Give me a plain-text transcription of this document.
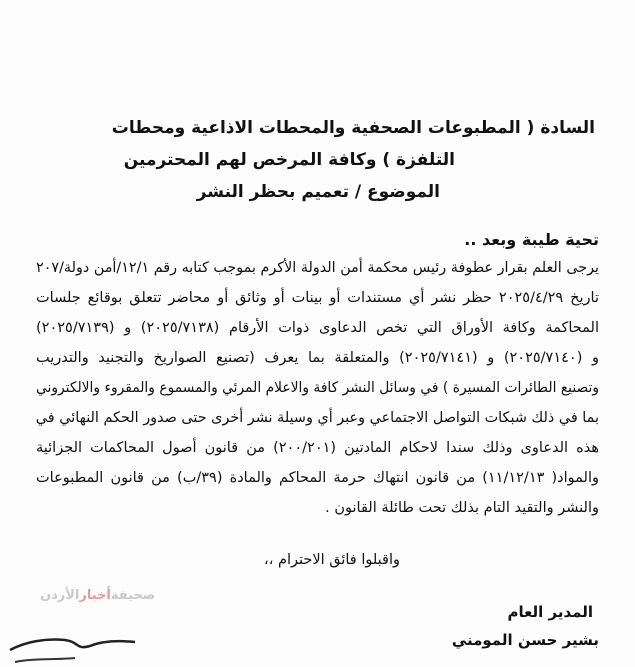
السادة ( المطبوعات الصحفية والمحطات الاذاعية ومحطات
التلفزة ) وكافة المرخص لهم المحترمين
الموضوع / تعميم بحظر النشر
تحية طيبة وبعد ..
يرجى العلم بقرار عطوفة رئيس محكمة أمن الدولة الأكرم بموجب كتابه رقم ١٢/١/أمن دولة/٢٠٧
تاريخ ٢٠٢٥/٤/٢٩ حظر نشر أي مستندات أو بينات أو وثائق أو محاضر تتعلق بوقائع جلسات
المحاكمة وكافة الأوراق التي تخص الدعاوى ذوات الأرقام (٢٠٢٥/٧١٣٨) و (٢٠٢٥/٧١٣٩)
و (٢٠٢٥/٧١٤٠) و (٢٠٢٥/٧١٤١) والمتعلقة بما يعرف (تصنيع الصواريخ والتجنيد والتدريب
وتصنيع الطائرات المسيرة ) في وسائل النشر كافة والاعلام المرئي والمسموع والمقروء والالكتروني
بما في ذلك شبكات التواصل الاجتماعي وعبر أي وسيلة نشر أخرى حتى صدور الحكم النهائي في
هذه الدعاوى وذلك سندا لاحكام المادتين (٢٠٠/٢٠١) من قانون أصول المحاكمات الجزائية
والمواد( ١١/١٢/١٣) من قانون انتهاك حرمة المحاكم والمادة (٣٩/ب) من قانون المطبوعات
والنشر والتقيد التام بذلك تحت طائلة القانون .
واقبلوا فائق الاحترام ،،
صحيفةأخبارالأردن
المدير العام
بشير حسن المومني
